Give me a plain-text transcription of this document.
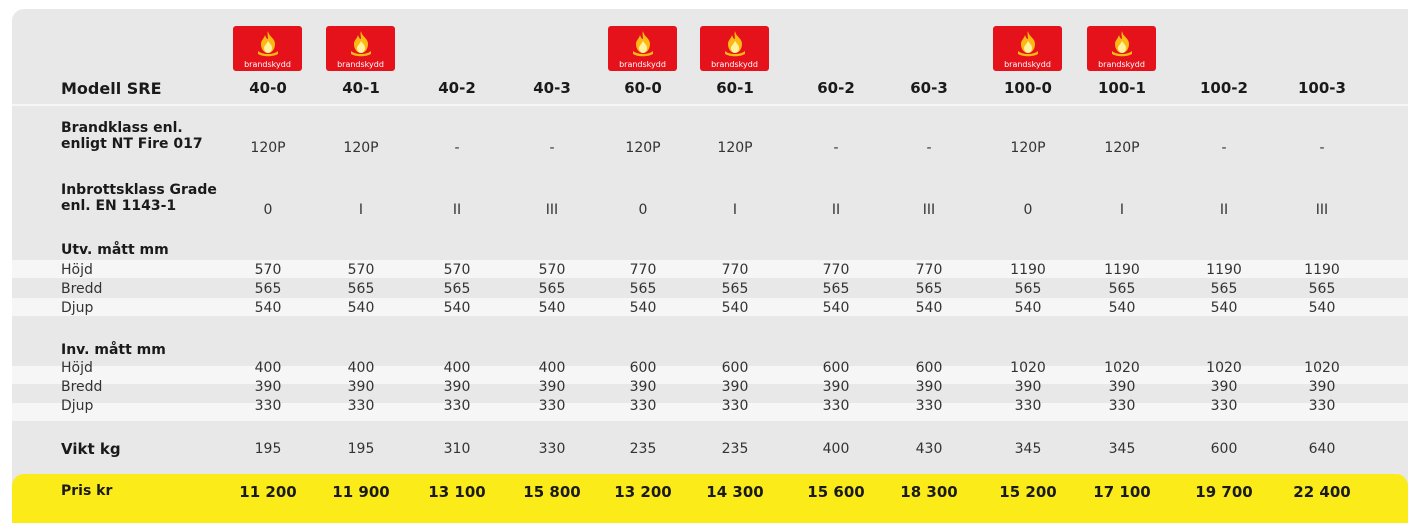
brandskydd	brandskydd	brandskydd	brandskydd	brandskydd	brandskydd
Modell SRE	40-0	40-1	40-2	40-3	60-0	60-1	60-2	60-3	100-0	100-1	100-2	100-3
Brandklass enl.
enligt NT Fire 017	120P	120P	-	-	120P	120P	-	-	120P	120P	-	-
Inbrottsklass Grade
enl. EN 1143-1	0	I	II	III	0	I	II	III	0	I	II	III
Utv. mått mm
Höjd	570	570	570	570	770	770	770	770	1190	1190	1190	1190
Bredd	565	565	565	565	565	565	565	565	565	565	565	565
Djup	540	540	540	540	540	540	540	540	540	540	540	540
Inv. mått mm
Höjd	400	400	400	400	600	600	600	600	1020	1020	1020	1020
Bredd	390	390	390	390	390	390	390	390	390	390	390	390
Djup	330	330	330	330	330	330	330	330	330	330	330	330
Vikt kg	195	195	310	330	235	235	400	430	345	345	600	640
Pris kr	11 200	11 900	13 100	15 800	13 200	14 300	15 600	18 300	15 200	17 100	19 700	22 400
